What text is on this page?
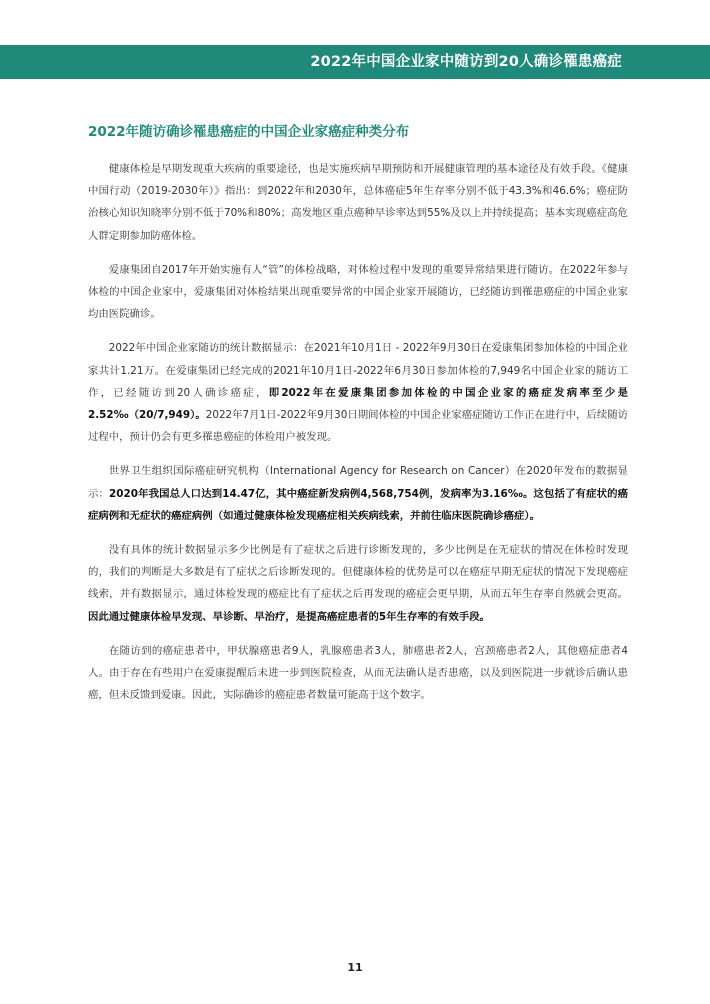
2022年中国企业家中随访到20人确诊罹患癌症
2022年随访确诊罹患癌症的中国企业家癌症种类分布

健康体检是早期发现重大疾病的重要途径，也是实施疾病早期预防和开展健康管理的基本途径及有效手段。《健康中国行动（2019-2030年）》指出：到2022年和2030年，总体癌症5年生存率分别不低于43.3%和46.6%；癌症防治核心知识知晓率分别不低于70%和80%；高发地区重点癌种早诊率达到55%及以上并持续提高；基本实现癌症高危人群定期参加防癌体检。

爱康集团自2017年开始实施有人“管”的体检战略，对体检过程中发现的重要异常结果进行随访。在2022年参与体检的中国企业家中，爱康集团对体检结果出现重要异常的中国企业家开展随访，已经随访到罹患癌症的中国企业家均由医院确诊。

2022年中国企业家随访的统计数据显示：在2021年10月1日 - 2022年9月30日在爱康集团参加体检的中国企业家共计1.21万。在爱康集团已经完成的2021年10月1日-2022年6月30日参加体检的7,949名中国企业家的随访工作，已经随访到20人确诊癌症，即2022年在爱康集团参加体检的中国企业家的癌症发病率至少是2.52‰（20/7,949）。2022年7月1日-2022年9月30日期间体检的中国企业家癌症随访工作正在进行中，后续随访过程中，预计仍会有更多罹患癌症的体检用户被发现。

世界卫生组织国际癌症研究机构（International Agency for Research on Cancer）在2020年发布的数据显示：2020年我国总人口达到14.47亿，其中癌症新发病例4,568,754例，发病率为3.16‰。这包括了有症状的癌症病例和无症状的癌症病例（如通过健康体检发现癌症相关疾病线索，并前往临床医院确诊癌症）。

没有具体的统计数据显示多少比例是有了症状之后进行诊断发现的，多少比例是在无症状的情况在体检时发现的，我们的判断是大多数是有了症状之后诊断发现的。但健康体检的优势是可以在癌症早期无症状的情况下发现癌症线索，并有数据显示，通过体检发现的癌症比有了症状之后再发现的癌症会更早期，从而五年生存率自然就会更高。因此通过健康体检早发现、早诊断、早治疗，是提高癌症患者的5年生存率的有效手段。

在随访到的癌症患者中，甲状腺癌患者9人，乳腺癌患者3人，肺癌患者2人，宫颈癌患者2人，其他癌症患者4人。由于存在有些用户在爱康提醒后未进一步到医院检查，从而无法确认是否患癌，以及到医院进一步就诊后确认患癌，但未反馈到爱康。因此，实际确诊的癌症患者数量可能高于这个数字。

11
